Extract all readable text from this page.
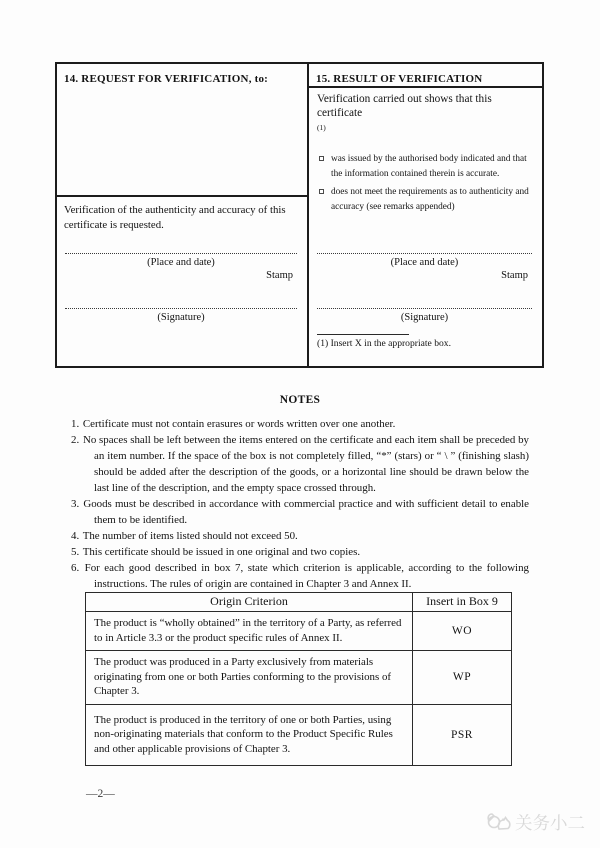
14. REQUEST FOR VERIFICATION, to:
Verification of the authenticity and accuracy of this certificate is requested.
(Place and date)
Stamp
(Signature)
15. RESULT OF VERIFICATION
Verification carried out shows that this certificate
(1)
was issued by the authorised body indicated and that the information contained therein is accurate.
does not meet the requirements as to authenticity and accuracy (see remarks appended)
(Place and date)
Stamp
(Signature)
(1) Insert X in the appropriate box.
NOTES
1. Certificate must not contain erasures or words written over one another.
2. No spaces shall be left between the items entered on the certificate and each item shall be preceded by an item number. If the space of the box is not completely filled, “*” (stars) or “ \ ” (finishing slash) should be added after the description of the goods, or a horizontal line should be drawn below the last line of the description, and the empty space crossed through.
3. Goods must be described in accordance with commercial practice and with sufficient detail to enable them to be identified.
4. The number of items listed should not exceed 50.
5. This certificate should be issued in one original and two copies.
6. For each good described in box 7, state which criterion is applicable, according to the following instructions. The rules of origin are contained in Chapter 3 and Annex II.
Origin Criterion	Insert in Box 9
The product is “wholly obtained” in the territory of a Party, as referred to in Article 3.3 or the product specific rules of Annex II.	WO
The product was produced in a Party exclusively from materials originating from one or both Parties conforming to the provisions of Chapter 3.	WP
The product is produced in the territory of one or both Parties, using non-originating materials that conform to the Product Specific Rules and other applicable provisions of Chapter 3.	PSR
—2—
关务小二
